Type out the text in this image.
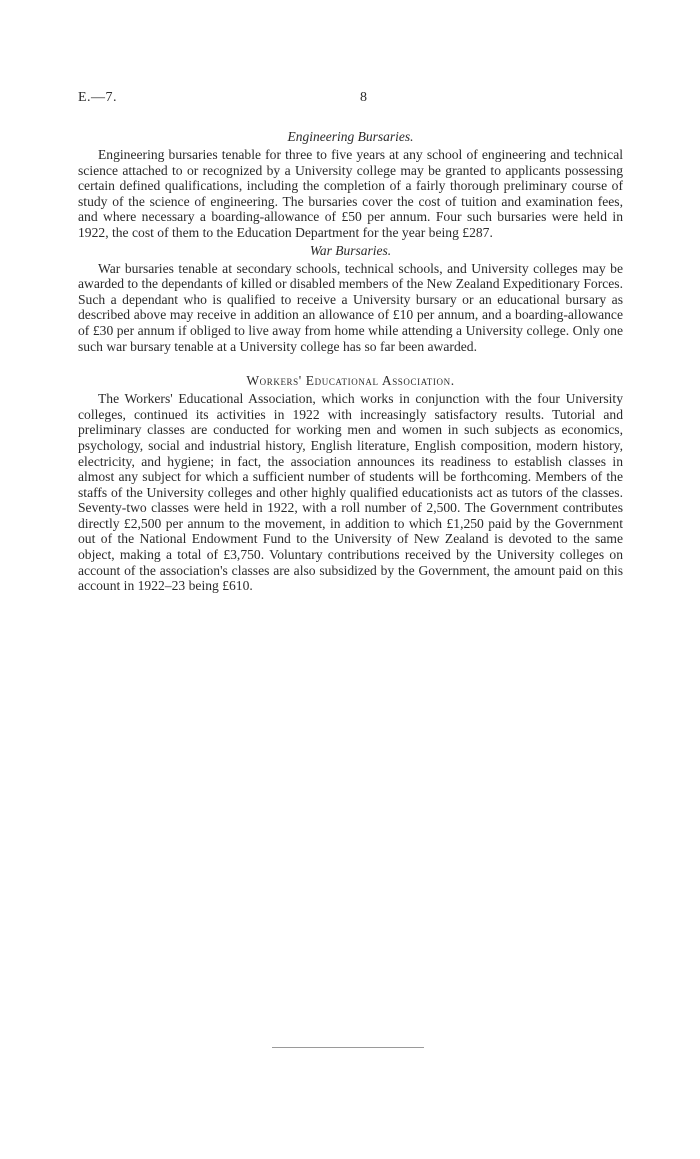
E.—7.	8
Engineering Bursaries.

Engineering bursaries tenable for three to five years at any school of engineering and technical science attached to or recognized by a University college may be granted to applicants possessing certain defined qualifications, including the completion of a fairly thorough preliminary course of study of the science of engineering. The bursaries cover the cost of tuition and examination fees, and where necessary a boarding-allowance of £50 per annum. Four such bursaries were held in 1922, the cost of them to the Education Department for the year being £287.

War Bursaries.

War bursaries tenable at secondary schools, technical schools, and University colleges may be awarded to the dependants of killed or disabled members of the New Zealand Expeditionary Forces. Such a dependant who is qualified to receive a University bursary or an educational bursary as described above may receive in addition an allowance of £10 per annum, and a boarding-allowance of £30 per annum if obliged to live away from home while attending a University college. Only one such war bursary tenable at a University college has so far been awarded.

Workers' Educational Association.

The Workers' Educational Association, which works in conjunction with the four University colleges, continued its activities in 1922 with increasingly satisfactory results. Tutorial and preliminary classes are conducted for working men and women in such subjects as economics, psychology, social and industrial history, English literature, English composition, modern history, electricity, and hygiene; in fact, the association announces its readiness to establish classes in almost any subject for which a sufficient number of students will be forthcoming. Members of the staffs of the University colleges and other highly qualified educationists act as tutors of the classes. Seventy-two classes were held in 1922, with a roll number of 2,500. The Government contributes directly £2,500 per annum to the movement, in addition to which £1,250 paid by the Government out of the National Endowment Fund to the University of New Zealand is devoted to the same object, making a total of £3,750. Voluntary contributions received by the University colleges on account of the association's classes are also subsidized by the Government, the amount paid on this account in 1922–23 being £610.
